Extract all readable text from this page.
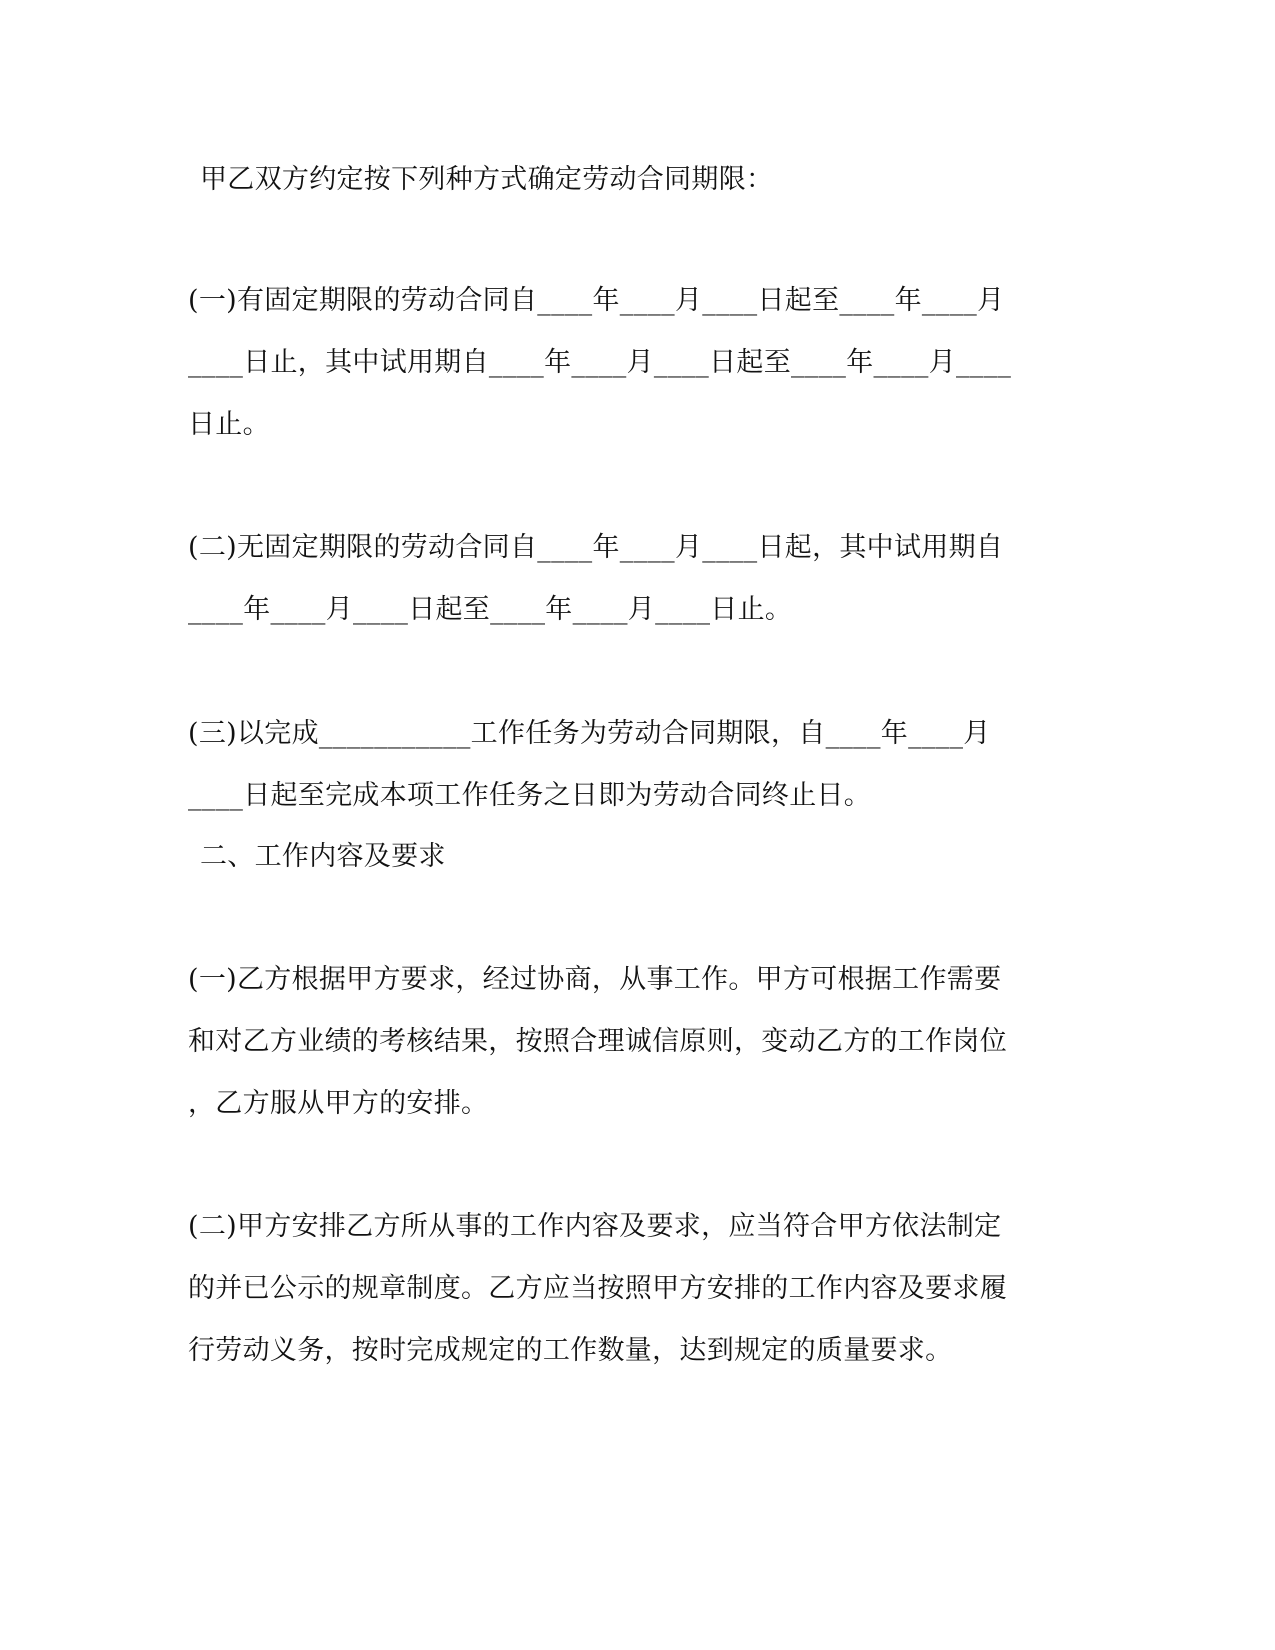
甲乙双方约定按下列种方式确定劳动合同期限：
(一)有固定期限的劳动合同自____年____月____日起至____年____月
____日止，其中试用期自____年____月____日起至____年____月____
日止。
(二)无固定期限的劳动合同自____年____月____日起，其中试用期自
____年____月____日起至____年____月____日止。
(三)以完成___________工作任务为劳动合同期限，自____年____月
____日起至完成本项工作任务之日即为劳动合同终止日。
二、工作内容及要求
(一)乙方根据甲方要求，经过协商，从事工作。甲方可根据工作需要
和对乙方业绩的考核结果，按照合理诚信原则，变动乙方的工作岗位
，乙方服从甲方的安排。
(二)甲方安排乙方所从事的工作内容及要求，应当符合甲方依法制定
的并已公示的规章制度。乙方应当按照甲方安排的工作内容及要求履
行劳动义务，按时完成规定的工作数量，达到规定的质量要求。
